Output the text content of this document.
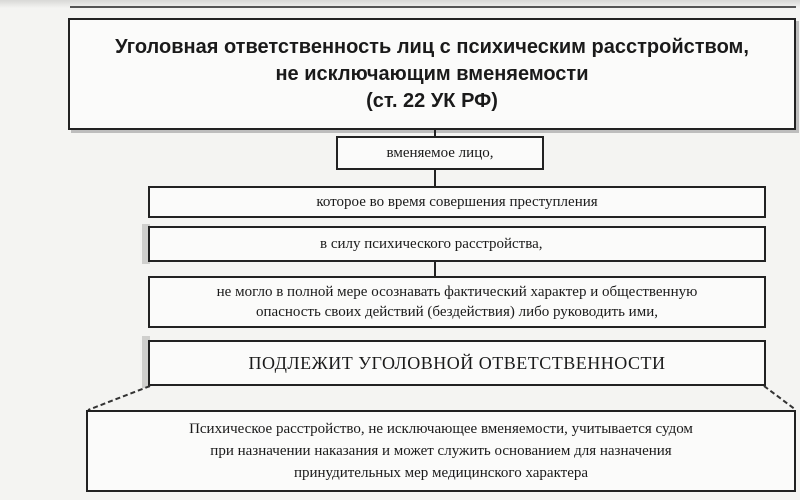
Уголовная ответственность лиц с психическим расстройством,
не исключающим вменяемости
(ст. 22 УК РФ)
вменяемое лицо,
которое во время совершения преступления
в силу психического расстройства,
не могло в полной мере осознавать фактический характер и общественную
опасность своих действий (бездействия) либо руководить ими,
ПОДЛЕЖИТ УГОЛОВНОЙ ОТВЕТСТВЕННОСТИ
Психическое расстройство, не исключающее вменяемости, учитывается судом
при назначении наказания и может служить основанием для назначения
принудительных мер медицинского характера
